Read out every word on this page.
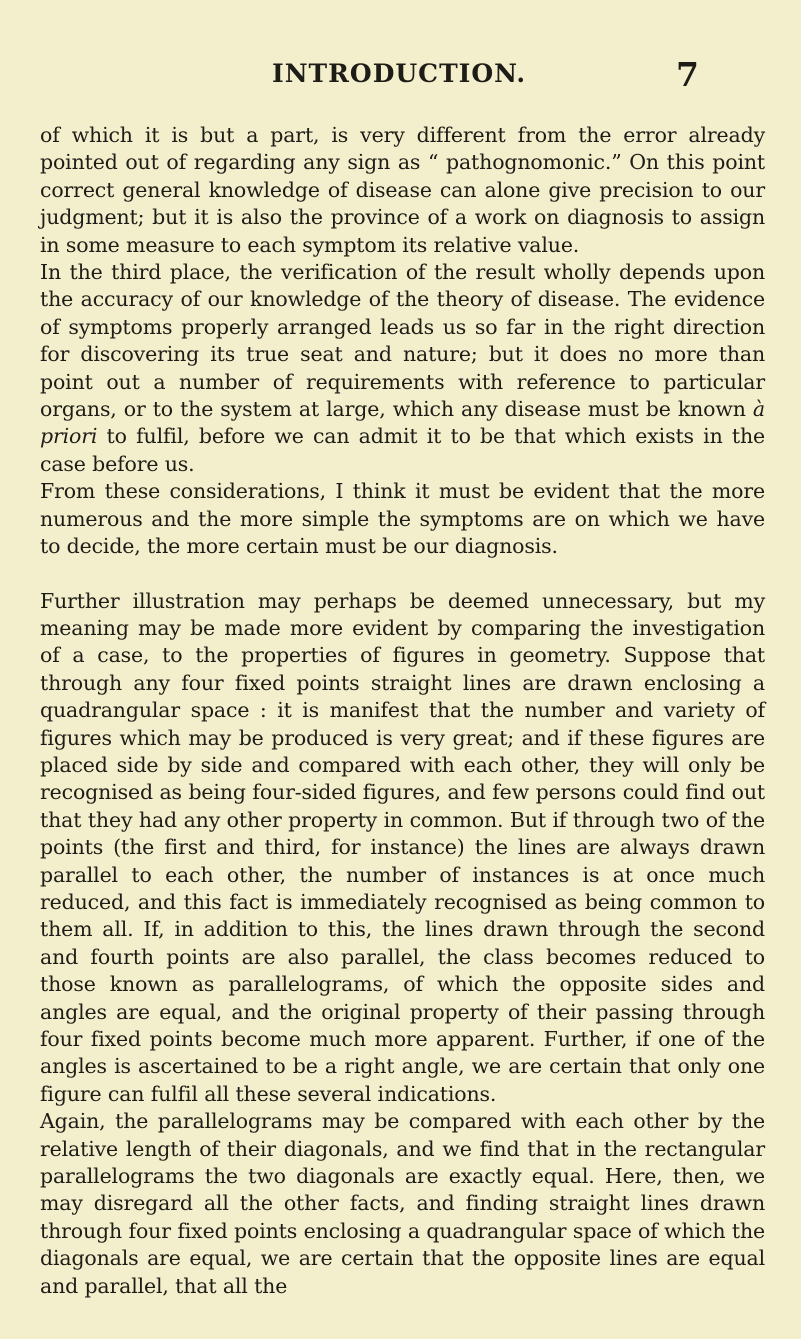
INTRODUCTION.	7

of which it is but a part, is very different from the error already pointed out of regarding any sign as “ pathognomonic.” On this point correct general knowledge of disease can alone give precision to our judgment; but it is also the province of a work on diagnosis to assign in some measure to each symptom its relative value.

In the third place, the verification of the result wholly depends upon the accuracy of our knowledge of the theory of disease. The evidence of symptoms properly arranged leads us so far in the right direction for discovering its true seat and nature; but it does no more than point out a number of requirements with reference to particular organs, or to the system at large, which any disease must be known à priori to fulfil, before we can admit it to be that which exists in the case before us.

From these considerations, I think it must be evident that the more numerous and the more simple the symptoms are on which we have to decide, the more certain must be our diagnosis.

Further illustration may perhaps be deemed unnecessary, but my meaning may be made more evident by comparing the investigation of a case, to the properties of figures in geometry. Suppose that through any four fixed points straight lines are drawn enclosing a quadrangular space : it is manifest that the number and variety of figures which may be produced is very great; and if these figures are placed side by side and compared with each other, they will only be recognised as being four-sided figures, and few persons could find out that they had any other property in common. But if through two of the points (the first and third, for instance) the lines are always drawn parallel to each other, the number of instances is at once much reduced, and this fact is immediately recognised as being common to them all. If, in addition to this, the lines drawn through the second and fourth points are also parallel, the class becomes reduced to those known as parallelograms, of which the opposite sides and angles are equal, and the original property of their passing through four fixed points become much more apparent. Further, if one of the angles is ascertained to be a right angle, we are certain that only one figure can fulfil all these several indications.

Again, the parallelograms may be compared with each other by the relative length of their diagonals, and we find that in the rectangular parallelograms the two diagonals are exactly equal. Here, then, we may disregard all the other facts, and finding straight lines drawn through four fixed points enclosing a quadrangular space of which the diagonals are equal, we are certain that the opposite lines are equal and parallel, that all the
